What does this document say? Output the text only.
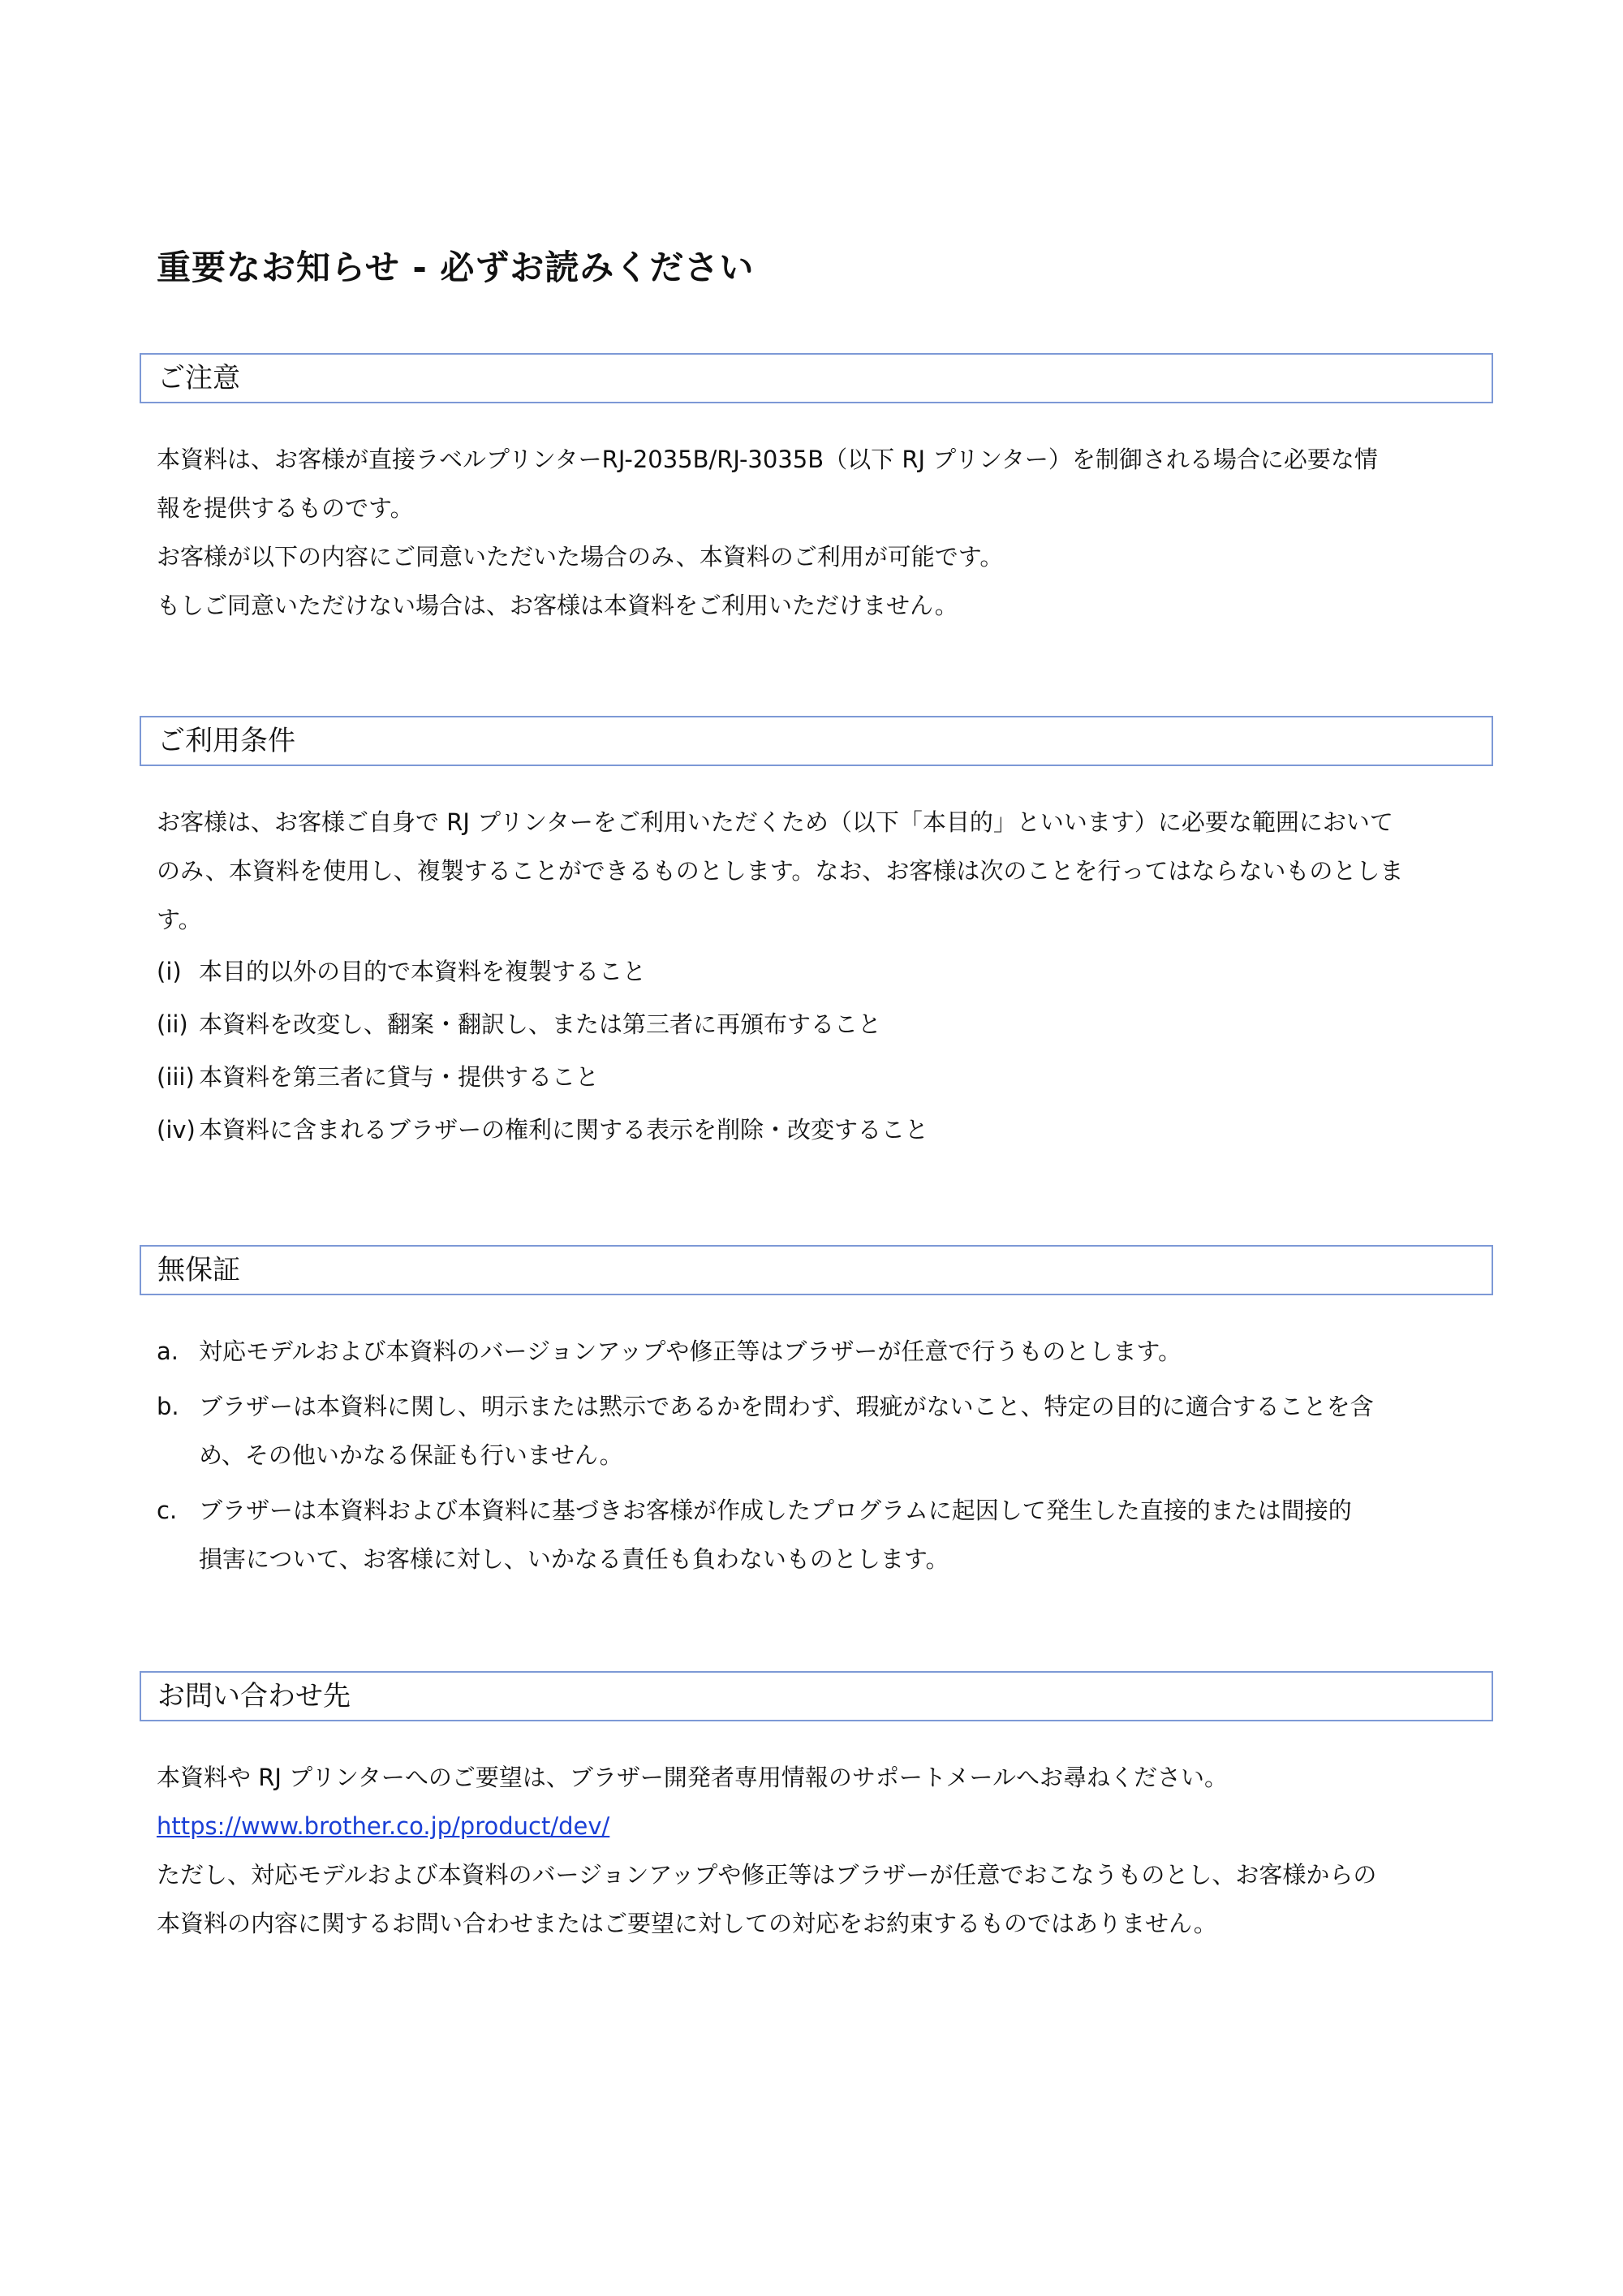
重要なお知らせ - 必ずお読みください
ご注意

本資料は、お客様が直接ラベルプリンターRJ-2035B/RJ-3035B（以下 RJ プリンター）を制御される場合に必要な情

報を提供するものです。

お客様が以下の内容にご同意いただいた場合のみ、本資料のご利用が可能です。

もしご同意いただけない場合は、お客様は本資料をご利用いただけません。

ご利用条件

お客様は、お客様ご自身で RJ プリンターをご利用いただくため（以下「本目的」といいます）に必要な範囲において

のみ、本資料を使用し、複製することができるものとします。なお、お客様は次のことを行ってはならないものとしま

す。

(i) 本目的以外の目的で本資料を複製すること
(ii) 本資料を改変し、翻案・翻訳し、または第三者に再頒布すること
(iii) 本資料を第三者に貸与・提供すること
(iv) 本資料に含まれるブラザーの権利に関する表示を削除・改変すること
無保証
a. 対応モデルおよび本資料のバージョンアップや修正等はブラザーが任意で行うものとします。

b. ブラザーは本資料に関し、明示または黙示であるかを問わず、瑕疵がないこと、特定の目的に適合することを含

め、その他いかなる保証も行いません。

c. ブラザーは本資料および本資料に基づきお客様が作成したプログラムに起因して発生した直接的または間接的

損害について、お客様に対し、いかなる責任も負わないものとします。

お問い合わせ先

本資料や RJ プリンターへのご要望は、ブラザー開発者専用情報のサポートメールへお尋ねください。

https://www.brother.co.jp/product/dev/

ただし、対応モデルおよび本資料のバージョンアップや修正等はブラザーが任意でおこなうものとし、お客様からの

本資料の内容に関するお問い合わせまたはご要望に対しての対応をお約束するものではありません。
